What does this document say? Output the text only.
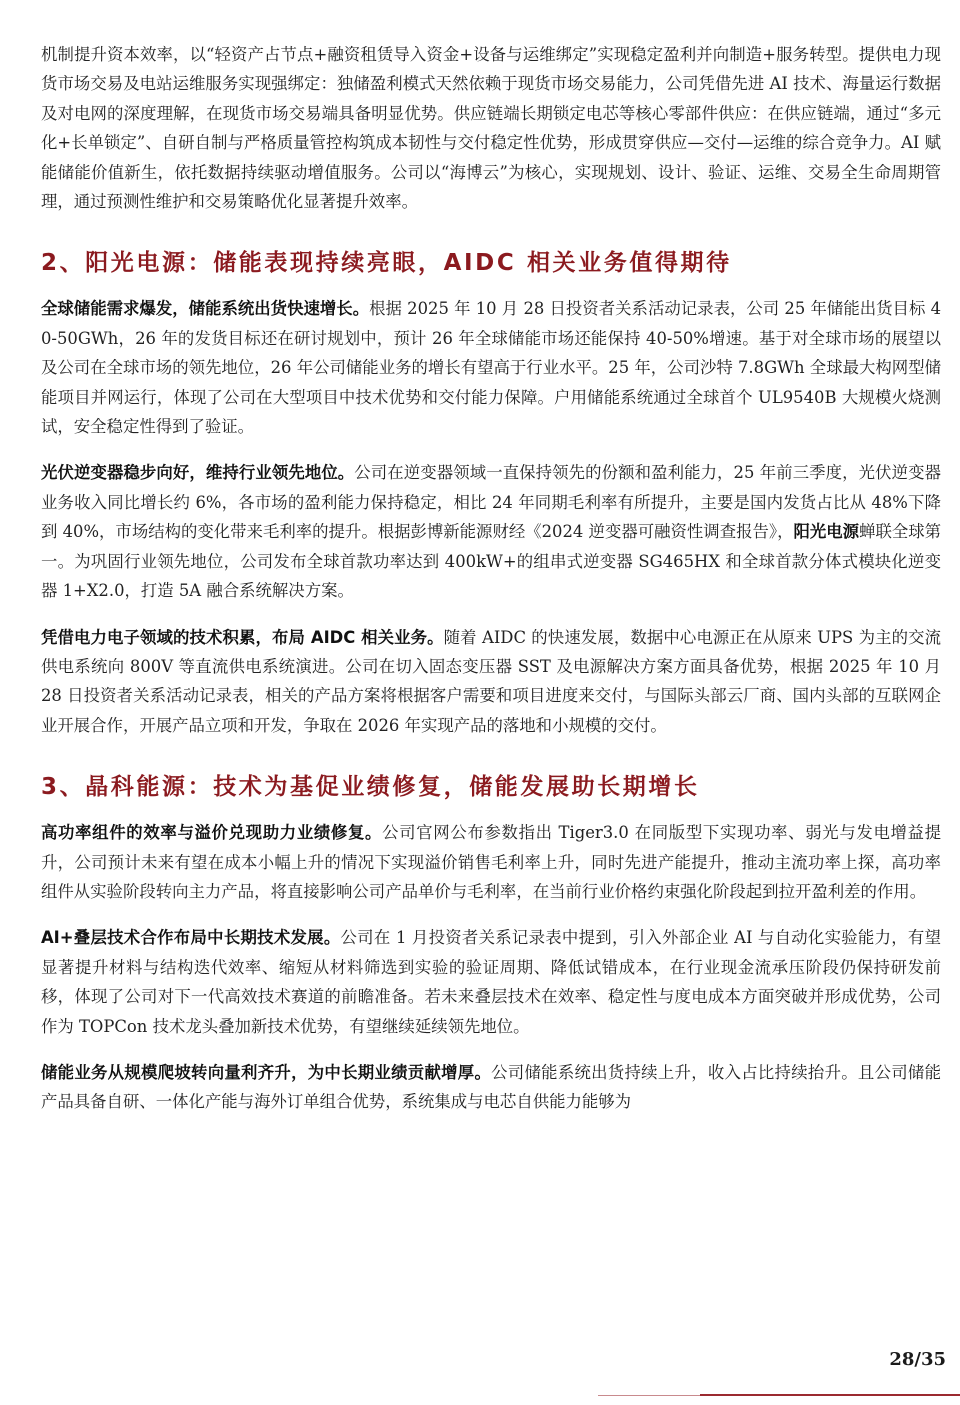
机制提升资本效率，以“轻资产占节点+融资租赁导入资金+设备与运维绑定”实现稳定盈利并向制造+服务转型。提供电力现货市场交易及电站运维服务实现强绑定：独储盈利模式天然依赖于现货市场交易能力，公司凭借先进 AI 技术、海量运行数据及对电网的深度理解，在现货市场交易端具备明显优势。供应链端长期锁定电芯等核心零部件供应：在供应链端，通过“多元化+长单锁定”、自研自制与严格质量管控构筑成本韧性与交付稳定性优势，形成贯穿供应—交付—运维的综合竞争力。AI 赋能储能价值新生，依托数据持续驱动增值服务。公司以“海博云”为核心，实现规划、设计、验证、运维、交易全生命周期管理，通过预测性维护和交易策略优化显著提升效率。

2、阳光电源：储能表现持续亮眼，AIDC 相关业务值得期待

全球储能需求爆发，储能系统出货快速增长。根据 2025 年 10 月 28 日投资者关系活动记录表，公司 25 年储能出货目标 40-50GWh，26 年的发货目标还在研讨规划中，预计 26 年全球储能市场还能保持 40-50%增速。基于对全球市场的展望以及公司在全球市场的领先地位，26 年公司储能业务的增长有望高于行业水平。25 年，公司沙特 7.8GWh 全球最大构网型储能项目并网运行，体现了公司在大型项目中技术优势和交付能力保障。户用储能系统通过全球首个 UL9540B 大规模火烧测试，安全稳定性得到了验证。

光伏逆变器稳步向好，维持行业领先地位。公司在逆变器领域一直保持领先的份额和盈利能力，25 年前三季度，光伏逆变器业务收入同比增长约 6%，各市场的盈利能力保持稳定，相比 24 年同期毛利率有所提升，主要是国内发货占比从 48%下降到 40%，市场结构的变化带来毛利率的提升。根据彭博新能源财经《2024 逆变器可融资性调查报告》，阳光电源蝉联全球第一。为巩固行业领先地位，公司发布全球首款功率达到 400kW+的组串式逆变器 SG465HX 和全球首款分体式模块化逆变器 1+X2.0，打造 5A 融合系统解决方案。

凭借电力电子领域的技术积累，布局 AIDC 相关业务。随着 AIDC 的快速发展，数据中心电源正在从原来 UPS 为主的交流供电系统向 800V 等直流供电系统演进。公司在切入固态变压器 SST 及电源解决方案方面具备优势，根据 2025 年 10 月 28 日投资者关系活动记录表，相关的产品方案将根据客户需要和项目进度来交付，与国际头部云厂商、国内头部的互联网企业开展合作，开展产品立项和开发，争取在 2026 年实现产品的落地和小规模的交付。

3、晶科能源：技术为基促业绩修复，储能发展助长期增长

高功率组件的效率与溢价兑现助力业绩修复。公司官网公布参数指出 Tiger3.0 在同版型下实现功率、弱光与发电增益提升，公司预计未来有望在成本小幅上升的情况下实现溢价销售毛利率上升，同时先进产能提升，推动主流功率上探，高功率组件从实验阶段转向主力产品，将直接影响公司产品单价与毛利率，在当前行业价格约束强化阶段起到拉开盈利差的作用。

AI+叠层技术合作布局中长期技术发展。公司在 1 月投资者关系记录表中提到，引入外部企业 AI 与自动化实验能力，有望显著提升材料与结构迭代效率、缩短从材料筛选到实验的验证周期、降低试错成本，在行业现金流承压阶段仍保持研发前移，体现了公司对下一代高效技术赛道的前瞻准备。若未来叠层技术在效率、稳定性与度电成本方面突破并形成优势，公司作为 TOPCon 技术龙头叠加新技术优势，有望继续延续领先地位。

储能业务从规模爬坡转向量利齐升，为中长期业绩贡献增厚。公司储能系统出货持续上升，收入占比持续抬升。且公司储能产品具备自研、一体化产能与海外订单组合优势，系统集成与电芯自供能力能够为

28/35
